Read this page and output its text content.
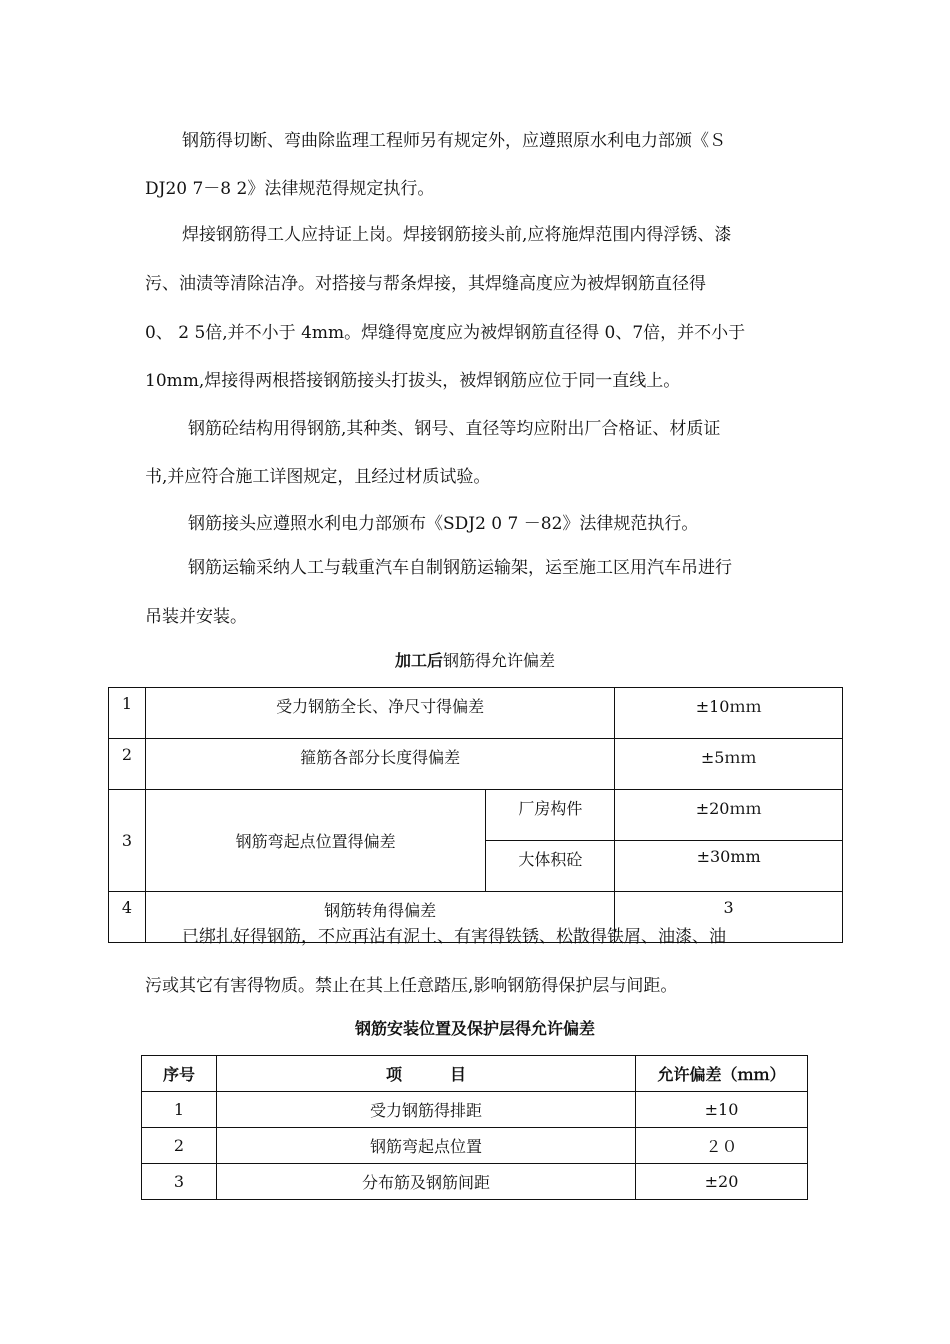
钢筋得切断、弯曲除监理工程师另有规定外，应遵照原水利电力部颁《Ｓ
DJ20 7－8 2》法律规范得规定执行。
焊接钢筋得工人应持证上岗。焊接钢筋接头前,应将施焊范围内得浮锈、漆
污、油渍等清除洁净。对搭接与帮条焊接，其焊缝高度应为被焊钢筋直径得
0、 2 5倍,并不小于 4mm。焊缝得宽度应为被焊钢筋直径得 0、7倍，并不小于
10mm,焊接得两根搭接钢筋接头打拔头，被焊钢筋应位于同一直线上。
钢筋砼结构用得钢筋,其种类、钢号、直径等均应附出厂合格证、材质证
书,并应符合施工详图规定，且经过材质试验。
钢筋接头应遵照水利电力部颁布《SDJ2 0 7 －82》法律规范执行。
钢筋运输采纳人工与载重汽车自制钢筋运输架，运至施工区用汽车吊进行
吊装并安装。
加工后钢筋得允许偏差
1	受力钢筋全长、净尺寸得偏差		±10ｍｍ
2	箍筋各部分长度得偏差		±5ｍｍ
3	钢筋弯起点位置得偏差	厂房构件	±20ｍｍ
		大体积砼	±30mm
4	钢筋转角得偏差		3
已绑扎好得钢筋，不应再沾有泥土、有害得铁锈、松散得铁屑、油漆、油
污或其它有害得物质。禁止在其上任意踏压,影响钢筋得保护层与间距。
钢筋安装位置及保护层得允许偏差
序号	项　　　目	允许偏差（ｍｍ）
1	受力钢筋得排距	±10
2	钢筋弯起点位置	２０
3	分布筋及钢筋间距	±20
